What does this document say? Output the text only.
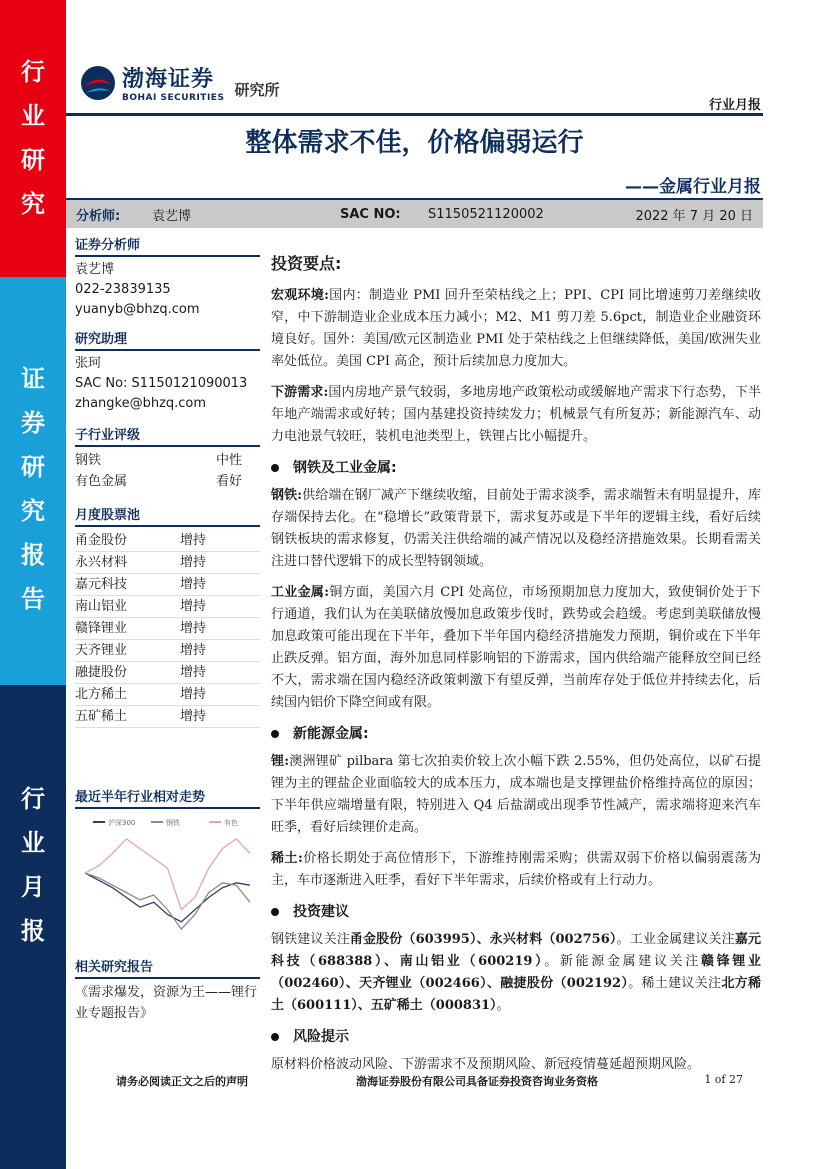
行
业
研
究
证
券
研
究
报
告
行
业
月
报
渤海证券
BOHAI SECURITIES 研究所
行业月报
整体需求不佳，价格偏弱运行
——金属行业月报
分析师: 袁艺博	SAC NO: S1150521120002	2022 年 7 月 20 日
证券分析师
袁艺博
022-23839135
yuanyb@bhzq.com
研究助理
张珂
SAC No: S1150121090013
zhangke@bhzq.com
子行业评级
钢铁	中性
有色金属	看好
月度股票池
甬金股份	增持
永兴材料	增持
嘉元科技	增持
南山铝业	增持
赣锋锂业	增持
天齐锂业	增持
融捷股份	增持
北方稀土	增持
五矿稀土	增持
最近半年行业相对走势
沪深300	钢铁	有色
相关研究报告
《需求爆发，资源为王——锂行业专题报告》
投资要点:

宏观环境:国内：制造业 PMI 回升至荣枯线之上；PPI、CPI 同比增速剪刀差继续收窄，中下游制造业企业成本压力减小；M2、M1 剪刀差 5.6pct，制造业企业融资环境良好。国外：美国/欧元区制造业 PMI 处于荣枯线之上但继续降低，美国/欧洲失业率处低位。美国 CPI 高企，预计后续加息力度加大。

下游需求:国内房地产景气较弱，多地房地产政策松动或缓解地产需求下行态势，下半年地产端需求或好转；国内基建投资持续发力；机械景气有所复苏；新能源汽车、动力电池景气较旺，装机电池类型上，铁锂占比小幅提升。

钢铁及工业金属:

钢铁:供给端在钢厂减产下继续收缩，目前处于需求淡季，需求端暂未有明显提升，库存端保持去化。在“稳增长”政策背景下，需求复苏或是下半年的逻辑主线，看好后续钢铁板块的需求修复，仍需关注供给端的减产情况以及稳经济措施效果。长期看需关注进口替代逻辑下的成长型特钢领域。

工业金属:铜方面，美国六月 CPI 处高位，市场预期加息力度加大，致使铜价处于下行通道，我们认为在美联储放慢加息政策步伐时，跌势或会趋缓。考虑到美联储放慢加息政策可能出现在下半年，叠加下半年国内稳经济措施发力预期，铜价或在下半年止跌反弹。铝方面，海外加息同样影响铝的下游需求，国内供给端产能释放空间已经不大，需求端在国内稳经济政策刺激下有望反弹，当前库存处于低位并持续去化，后续国内铝价下降空间或有限。

新能源金属:

锂:澳洲锂矿 pilbara 第七次拍卖价较上次小幅下跌 2.55%，但仍处高位，以矿石提锂为主的锂盐企业面临较大的成本压力，成本端也是支撑锂盐价格维持高位的原因；下半年供应端增量有限，特别进入 Q4 后盐湖或出现季节性减产，需求端将迎来汽车旺季，看好后续锂价走高。

稀土:价格长期处于高位情形下，下游维持刚需采购；供需双弱下价格以偏弱震荡为主，车市逐渐进入旺季，看好下半年需求，后续价格或有上行动力。

投资建议

钢铁建议关注甬金股份（603995）、永兴材料（002756）。工业金属建议关注嘉元科技（688388）、南山铝业（600219）。新能源金属建议关注赣锋锂业（002460）、天齐锂业（002466）、融捷股份（002192）。稀土建议关注北方稀土（600111）、五矿稀土（000831）。

风险提示

原材料价格波动风险、下游需求不及预期风险、新冠疫情蔓延超预期风险。

请务必阅读正文之后的声明	渤海证券股份有限公司具备证券投资咨询业务资格	1 of 27
